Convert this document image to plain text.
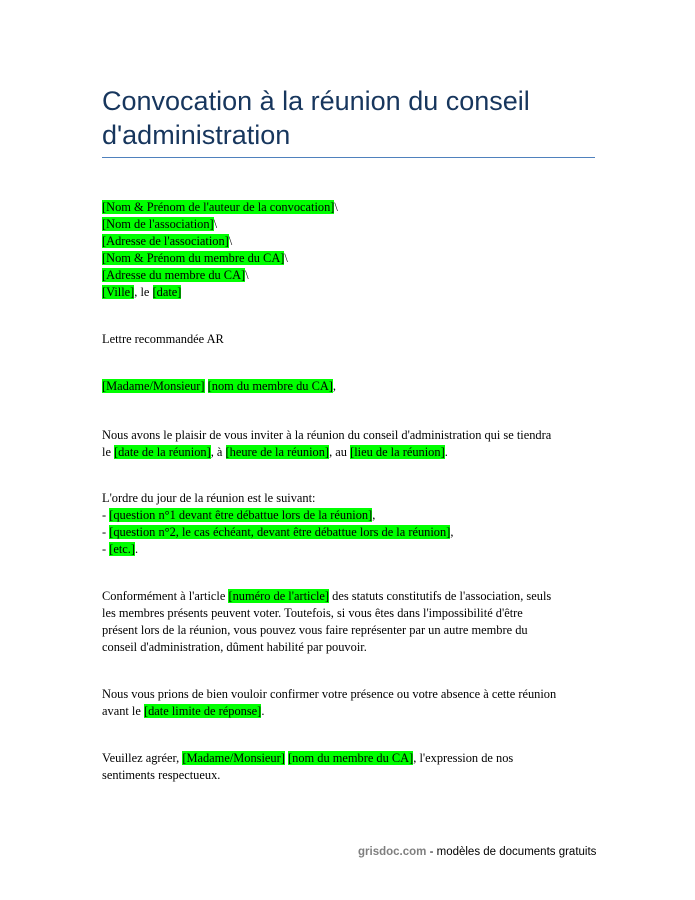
Convocation à la réunion du conseil d'administration
[Nom & Prénom de l'auteur de la convocation]\
[Nom de l'association]\
[Adresse de l'association]\
[Nom & Prénom du membre du CA]\
[Adresse du membre du CA]\
[Ville], le [date]
Lettre recommandée AR
[Madame/Monsieur] [nom du membre du CA],
Nous avons le plaisir de vous inviter à la réunion du conseil d'administration qui se tiendra
le [date de la réunion], à [heure de la réunion], au [lieu de la réunion].
L'ordre du jour de la réunion est le suivant:
- [question n°1 devant être débattue lors de la réunion],
- [question n°2, le cas échéant, devant être débattue lors de la réunion],
- [etc.].
Conformément à l'article [numéro de l'article] des statuts constitutifs de l'association, seuls
les membres présents peuvent voter. Toutefois, si vous êtes dans l'impossibilité d'être
présent lors de la réunion, vous pouvez vous faire représenter par un autre membre du
conseil d'administration, dûment habilité par pouvoir.
Nous vous prions de bien vouloir confirmer votre présence ou votre absence à cette réunion
avant le [date limite de réponse].
Veuillez agréer, [Madame/Monsieur] [nom du membre du CA], l'expression de nos
sentiments respectueux.
grisdoc.com - modèles de documents gratuits
